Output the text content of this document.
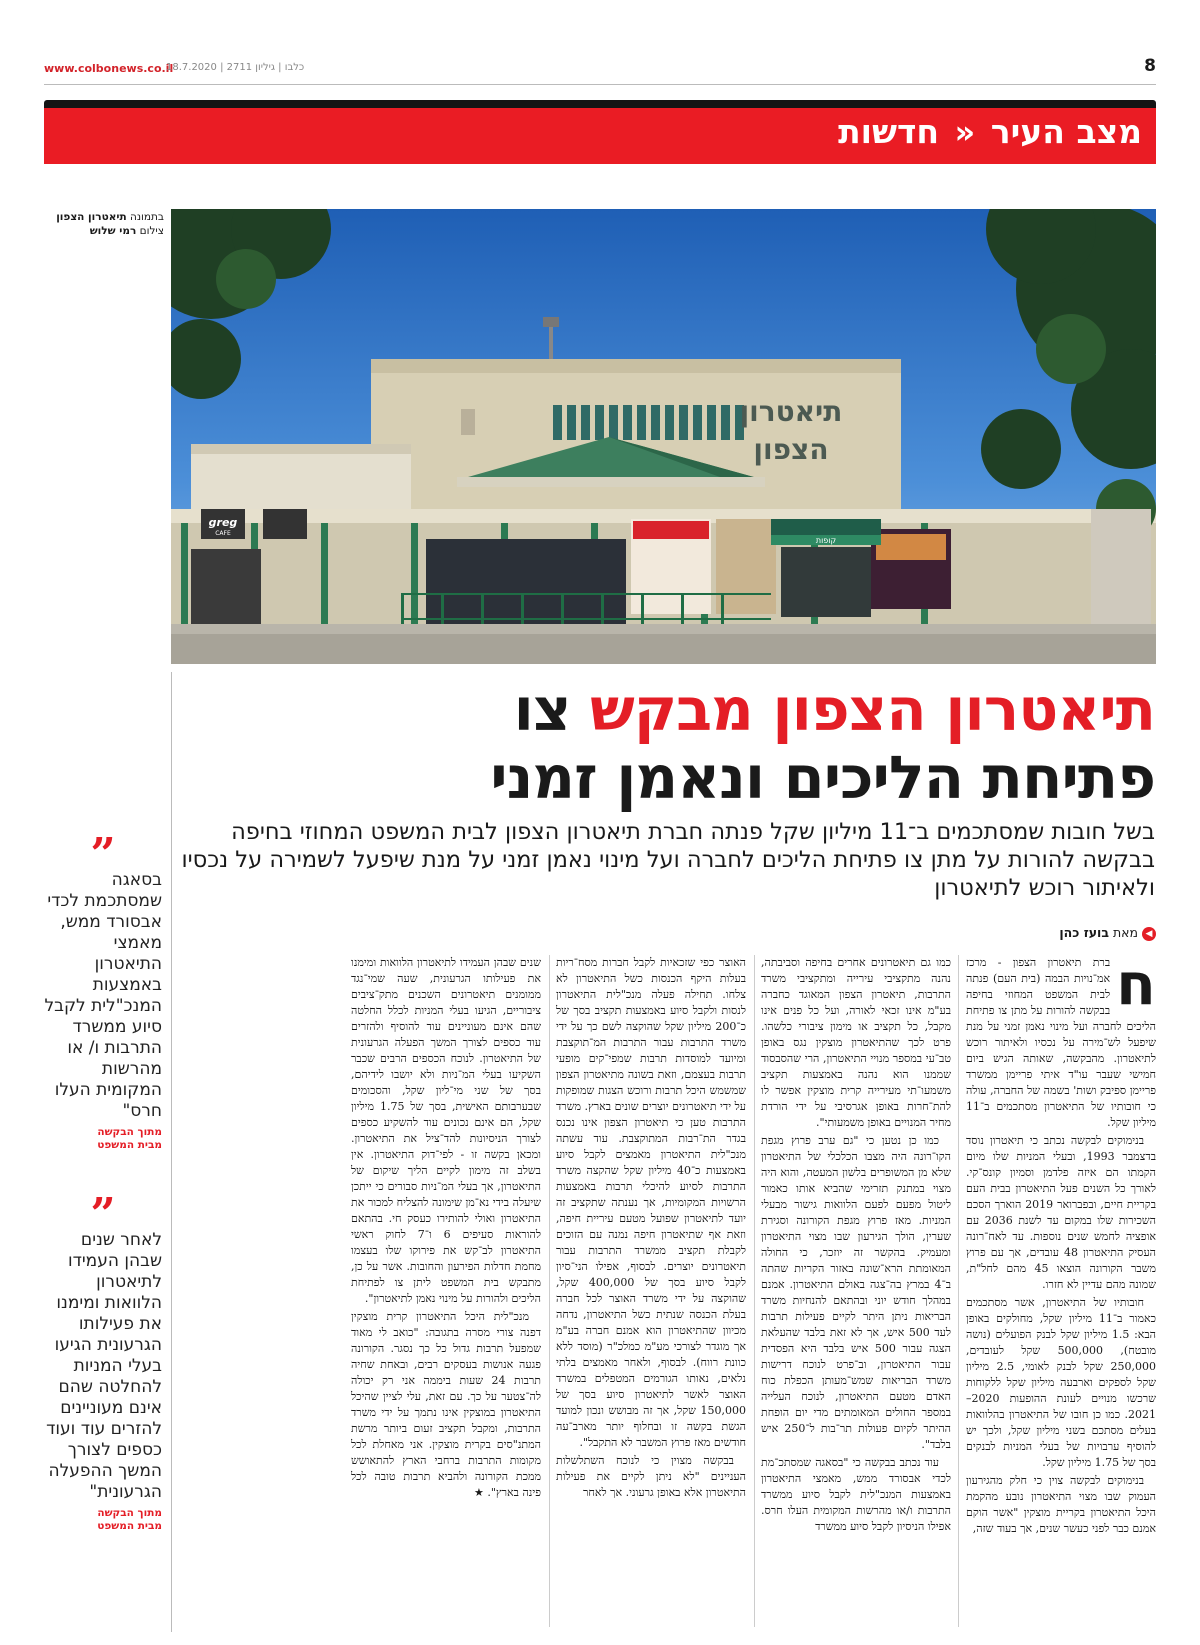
www.colbonews.co.il
כלבו | גיליון 2711 | 18.7.2020	8
מצב העיר « חדשות
בתמונה תיאטרון הצפון
צילום רמי שלוש
תיאטרון
הצפון
greg
CAFE
קופות
תיאטרון הצפון מבקש צו
פתיחת הליכים ונאמן זמני
בשל חובות שמסתכמים ב־11 מיליון שקל פנתה חברת תיאטרון הצפון לבית המשפט המחוזי בחיפה בבקשה להורות על מתן צו פתיחת הליכים לחברה ועל מינוי נאמן זמני על מנת שיפעל לשמירה על נכסיו ולאיתור רוכש לתיאטרון
◀מאת בועז כהן
ח

ברת תיאטרון הצפון - מרכז אמ־נויות הבמה (בית העם) פנתה לבית המשפט המחוזי בחיפה בבקשה להורות על מתן צו פתיחת הליכים לחברה ועל מינוי נאמן זמני על מנת שיפעל לש־מירה על נכסיו ולאיתור רוכש לתיאטרון. מהבקשה, שאותה הגיש ביום חמישי שעבר עו"ד איתי פריימן ממשרד פריימן ספיבק ושות' בשמה של החברה, עולה כי חובותיו של התיאטרון מסתכמים ב־11 מיליון שקל.

בנימוקים לבקשה נכתב כי תיאטרון נוסד בדצמבר 1993, ובעלי המניות שלו מיום הקמתו הם איזה פלדמן וסמיון קונס־קי. לאורך כל השנים פעל התיאטרון בבית העם בקריית חיים, ובפברואר 2019 הוארך הסכם השכירות שלו במקום עד לשנת 2036 עם אופציה לחמש שנים נוספות. עד לאח־רונה העסיק התיאטרון 48 עובדים, אך עם פרוץ משבר הקורונה הוצאו 45 מהם לחל"ת, שמונה מהם עדיין לא חזרו.

חובותיו של התיאטרון, אשר מסתכמים כאמור ב־11 מיליון שקל, מחולקים באופן הבא: 1.5 מיליון שקל לבנק הפועלים (נושה מובטח), 500,000 שקל לעובדים, 250,000 שקל לבנק לאומי, 2.5 מיליון שקל לספקים וארבעה מיליון שקל ללקוחות שרכשו מנויים לעונת ההופעות 2020–2021. כמו כן חובו של התיאטרון בהלוואות בעלים מסתכם בשני מיליון שקל, ולכך יש להוסיף ערבויות של בעלי המניות לבנקים בסך של 1.75 מיליון שקל.

בנימוקים לבקשה צוין כי חלק מהגירעון העמוק שבו מצוי התיאטרון נובע מהקמת היכל התיאטרון בקריית מוצקין "אשר הוקם אמנם כבר לפני כעשר שנים, אך בעוד שזה,

כמו גם תיאטרונים אחרים בחיפה וסביבתה, נהנה מתקציבי עירייה ומתקציבי משרד התרבות, תיאטרון הצפון המאוגד כחברה בע"מ אינו זכאי לאורה, ועל כל פנים אינו מקבל, כל תקציב או מימון ציבורי כלשהו. פרט לכך שהתיאטרון מוצקין נגס באופן טב־עי במספר מנויי התיאטרון, הרי שהסבסוד שממנו הוא נהנה באמצעות תקציב משמעו־תי מעירייה קרית מוצקין אפשר לו להת־חרות באופן אגרסיבי על ידי הורדת מחיר המנויים באופן משמעותי".

כמו כן נטען כי "גם ערב פרוץ מגפת הקו־רונה היה מצבו הכלכלי של התיאטרון שלא מן המשופרים בלשון המעטה, והוא היה מצוי במתנק תזרימי שהביא אותו כאמור ליטול מפעם לפעם הלוואות גישור מבעלי המניות. מאז פרוץ מגפת הקורונה וסגירת שערין, הולך הגירעון שבו מצוי התיאטרון ומעמיק. בהקשר זה יוזכר, כי החולה המאומתת הרא־שונה באזור הקריות שהתה ב־4 במרץ בה־צגה באולם התיאטרון. אמנם במהלך חודש יוני ובהתאם להנחיות משרד הבריאות ניתן היתר לקיים פעילות תרבות לעד 500 איש, אך לא זאת בלבד שהעלאת הצגה עבור 500 איש בלבד היא הפסדית עבור התיאטרון, וב־פרט לנוכח דרישות משרד הבריאות שמש־מעותן הכפלת כוח האדם מטעם התיאטרון, לנוכח העלייה במספר החולים המאומתים מדי יום הופחת ההיתר לקיום פעולות תר־בות ל־250 איש בלבד".

עוד נכתב בבקשה כי "בסאגה שמסתכ־מת לכדי אבסורד ממש, מאמצי התיאטרון באמצעות המנכ"לית לקבל סיוע ממשרד התרבות ו/או מהרשות המקומית העלו חרס. אפילו הניסיון לקבל סיוע ממשרד

האוצר כפי שזכאיות לקבל חברות מסח־ריות בעלות היקף הכנסות כשל התיאטרון לא צלחו. תחילה פעלה מנכ"לית התיאטרון לנסות ולקבל סיוע באמצעות תקציב בסך של כ־200 מיליון שקל שהוקצה לשם כך על ידי משרד התרבות עבור התרבות המ־תוקצבת ומיועד למוסדות תרבות שמפי־קים מופעי תרבות בעצמם, וזאת בשונה מתיאטרון הצפון שמשמש היכל תרבות ורוכש הצגות שמופקות על ידי תיאטרונים יוצרים שונים בארץ. משרד התרבות טען כי תיאטרון הצפון אינו נכנס בגדר הת־רבות המתוקצבת. עוד עשתה מנכ"לית התיאטרון מאמצים לקבל סיוע באמצעות כ־40 מיליון שקל שהקצה משרד התרבות לסיוע להיכלי תרבות באמצעות הרשויות המקומיות, אך נענתה שתקציב זה יועד לתיאטרון שפועל מטעם עיריית חיפה, וזאת אף שתיאטרון חיפה נמנה עם הזוכים לקבלת תקציב ממשרד התרבות עבור תיאטרונים יוצרים. לבסוף, אפילו הני־סיון לקבל סיוע בסך של 400,000 שקל, שהוקצה על ידי משרד האוצר לכל חברה בעלת הכנסה שנתית כשל התיאטרון, נדחה מכיוון שהתיאטרון הוא אמנם חברה בע"מ אך מוגדר לצורכי מע"מ כמלכ"ר (מוסד ללא כוונת רווח). לבסוף, ולאחר מאמצים בלתי נלאים, נאותו הגורמים המטפלים במשרד האוצר לאשר לתיאטרון סיוע בסך של 150,000 שקל, אך זה מבושש ונכון למועד הגשת בקשה זו ובחלוף יותר מארב־עה חודשים מאז פרוץ המשבר לא התקבל".

בבקשה מצוין כי לנוכח השתלשלות העניינים "לא ניתן לקיים את פעילות התיאטרון אלא באופן גרעוני. אך לאחר

שנים שבהן העמידו לתיאטרון הלוואות ומימנו את פעילותו הגרעונית, שעה שמי־נגד ממומנים תיאטרונים השכנים מתק־ציבים ציבוריים, הגיעו בעלי המניות לכלל החלטה שהם אינם מעוניינים עוד להוסיף ולהזרים עוד כספים לצורך המשך הפעלה הגרעונית של התיאטרון. לנוכח הכספים הרבים שכבר השקיעו בעלי המ־ניות ולא יושבו לידיהם, בסך של שני מי־ליון שקל, והסכומים שבערבותם האישית, בסך של 1.75 מיליון שקל, הם אינם נכונים עוד להשקיע כספים לצורך הניסיונות להד־ציל את התיאטרון. ומכאן בקשה זו - לפי־דוק התיאטרון. אין בשלב זה מימון לקיים הליך שיקום של התיאטרון, אך בעלי המ־ניות סבורים כי ייתכן שיעלה בידי נא־מן שימונה להצליח למכור את התיאטרון ואולי להותירו כעסק חי. בהתאם להוראות סעיפים 6 ו־7 לחוק ראשי התיאטרון לב־קש את פירוקו שלו בעצמו מחמת חדלות הפירעון והחובות. אשר על כן, מתבקש בית המשפט ליתן צו לפתיחת הליכים ולהורות על מינוי נאמן לתיאטרון".

מנכ"לית היכל התיאטרון קרית מוצקין דפנה צורי מסרה בתגובה: "כואב לי מאוד שמפעל תרבות גדול כל כך נסגר. הקורונה פגעה אנושות בעסקים רבים, ובאחת שחיה תרבות 24 שעות ביממה אני רק יכולה לה־צטער על כך. עם זאת, עלי לציין שהיכל התיאטרון במוצקין אינו נתמך על ידי משרד התרבות, ומקבל תקציב זעום ביותר מרשת המתנ"סים בקרית מוצקין. אני מאחלת לכל מקומות התרבות ברחבי הארץ להתאושש ממכת הקורונה ולהביא תרבות טובה לכל פינה בארץ". ★

”
בסאגה שמסתכמת לכדי אבסורד ממש, מאמצי התיאטרון באמצעות המנכ"לית לקבל סיוע ממשרד התרבות ו/ או מהרשות המקומית העלו חרס"
מתוך הבקשה
מבית המשפט
”
לאחר שנים שבהן העמידו לתיאטרון הלוואות ומימנו את פעילותו הגרעונית הגיעו בעלי המניות להחלטה שהם אינם מעוניינים להזרים עוד ועוד כספים לצורך המשך ההפעלה הגרעונית"
מתוך הבקשה
מבית המשפט
